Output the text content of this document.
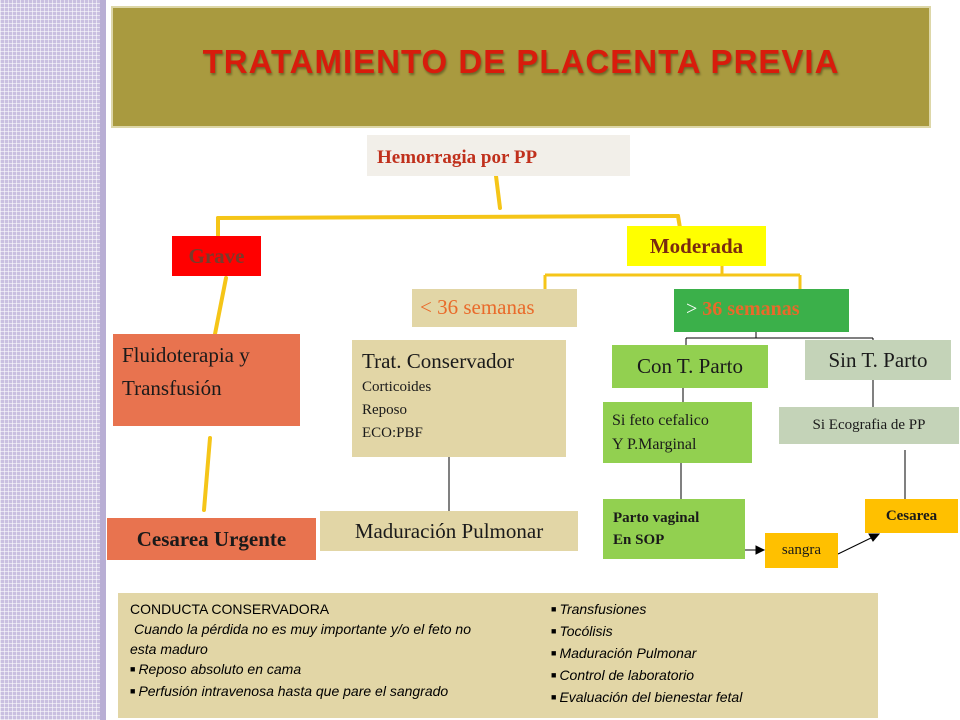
TRATAMIENTO DE PLACENTA PREVIA
Hemorragia por PP
Grave	Moderada
< 36 semanas	> 36 semanas
Fluidoterapia y
Transfusión
Trat. Conservador
Corticoides
Reposo
ECO:PBF
Con T. Parto	Sin T. Parto
Si feto cefalico
Y P.Marginal
Si Ecografia de PP
Cesarea Urgente	Maduración Pulmonar
Parto vaginal
En SOP
sangra
Cesarea
CONDUCTA CONSERVADORA
Cuando la pérdida no es muy importante y/o el feto no
esta maduro
■ Reposo absoluto en cama
■ Perfusión intravenosa hasta que pare el sangrado
■ Transfusiones
■ Tocólisis
■ Maduración Pulmonar
■ Control de laboratorio
■ Evaluación del bienestar fetal
